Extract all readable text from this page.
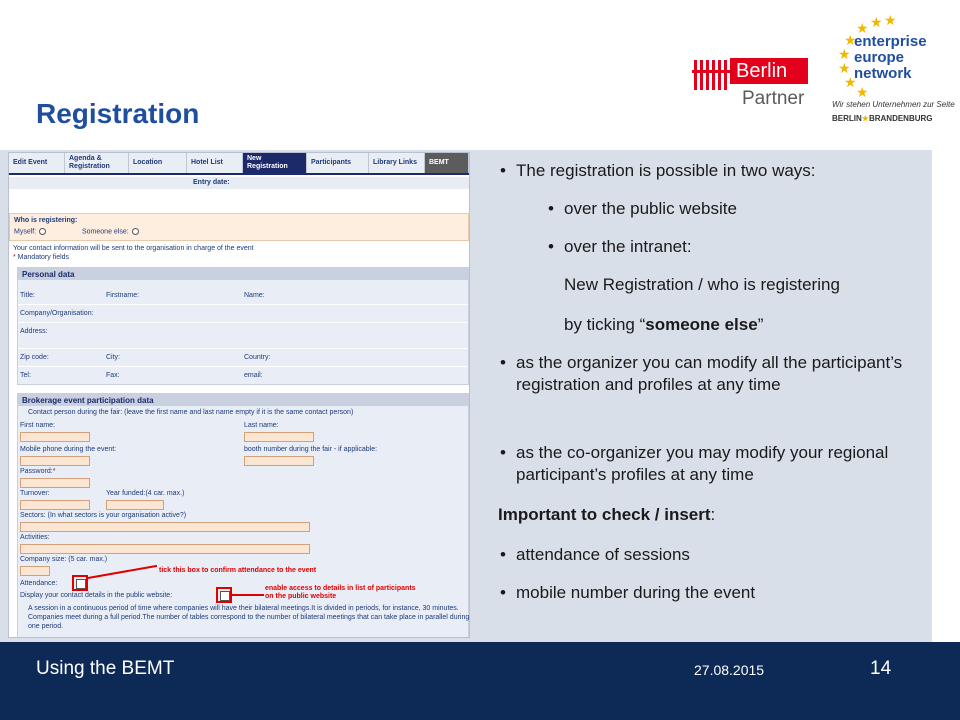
Registration
Berlin
Partner
★ ★
★
★
★
★
★
★
enterprise
europe
network
Wir stehen Unternehmen zur Seite
BERLIN★BRANDENBURG
Edit Event
Agenda & Registration
Location	Hotel List
New Registration
Participants	Library Links	BEMT
Entry date:
Who is registering:
Myself:	Someone else:
Your contact information will be sent to the organisation in charge of the event
* Mandatory fields
Personal data
Title:	Firstname:	Name:
Company/Organisation:
Address:
Zip code:	City:	Country:
Tel:	Fax:	email:
Brokerage event participation data
Contact person during the fair: (leave the first name and last name empty if it is the same contact person)
First name:	Last name:
Mobile phone during the event:	booth number during the fair - if applicable:
Password:*
Turnover:	Year funded:(4 car. max.)
Sectors: (In what sectors is your organisation active?)
Activities:
Company size: (5 car. max.)
Attendance:
Display your contact details in the public website:
A session in a continuous period of time where companies will have their bilateral meetings.It is divided in periods, for instance, 30 minutes. Companies meet during a full period.The number of tables correspond to the number of bilateral meetings that can take place in parallel during one period.
tick this box to confirm attendance to the event
enable access to details in list of participants
on the public website
• The registration is possible in two ways:
• over the public website
• over the intranet:
New Registration / who is registering
by ticking “someone else”
• as the organizer you can modify all the participant’s registration and profiles at any time
• as the co-organizer you may modify your regional participant’s profiles at any time
Important to check / insert:
• attendance of sessions
• mobile number during the event
Using the BEMT	27.08.2015	14
